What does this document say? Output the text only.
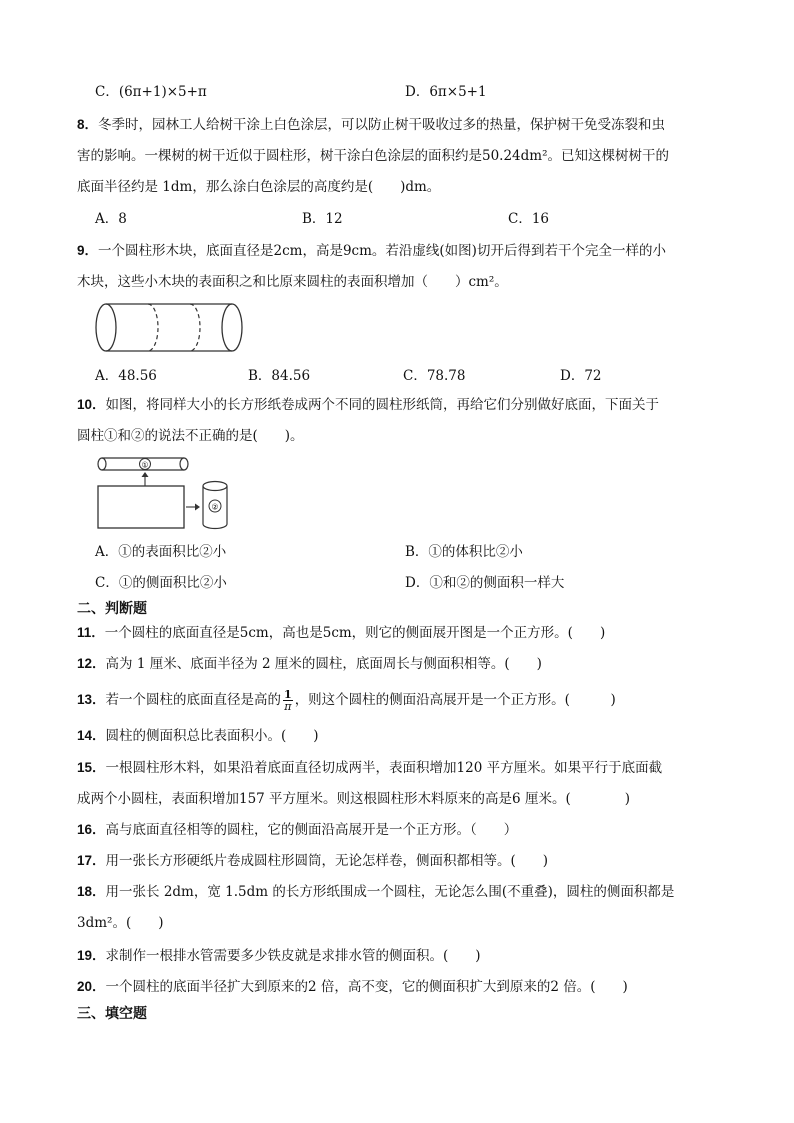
C．(6π+1)×5+π	D．6π×5+1
8．冬季时，园林工人给树干涂上白色涂层，可以防止树干吸收过多的热量，保护树干免受冻裂和虫
害的影响。一棵树的树干近似于圆柱形，树干涂白色涂层的面积约是50.24dm²。已知这棵树树干的
底面半径约是 1dm，那么涂白色涂层的高度约是(　　)dm。
A．8	B．12	C．16
9．一个圆柱形木块，底面直径是2cm，高是9cm。若沿虚线(如图)切开后得到若干个完全一样的小
木块，这些小木块的表面积之和比原来圆柱的表面积增加（　　）cm²。
A．48.56	B．84.56	C．78.78	D．72
10．如图，将同样大小的长方形纸卷成两个不同的圆柱形纸筒，再给它们分别做好底面，下面关于
圆柱①和②的说法不正确的是(　　)。
①
②
A．①的表面积比②小	B．①的体积比②小
C．①的侧面积比②小	D．①和②的侧面积一样大
二、判断题
11．一个圆柱的底面直径是5cm，高也是5cm，则它的侧面展开图是一个正方形。(　　)
12．高为 1 厘米、底面半径为 2 厘米的圆柱，底面周长与侧面积相等。(　　)
13．若一个圆柱的底面直径是高的 $\frac{1}{\pi}$ ，则这个圆柱的侧面沿高展开是一个正方形。(　　　)
14．圆柱的侧面积总比表面积小。(　　)
15．一根圆柱形木料，如果沿着底面直径切成两半，表面积增加120 平方厘米。如果平行于底面截
成两个小圆柱，表面积增加157 平方厘米。则这根圆柱形木料原来的高是6 厘米。(　　　　)
16．高与底面直径相等的圆柱，它的侧面沿高展开是一个正方形。（　　）
17．用一张长方形硬纸片卷成圆柱形圆筒，无论怎样卷，侧面积都相等。(　　)
18．用一张长 2dm，宽 1.5dm 的长方形纸围成一个圆柱，无论怎么围(不重叠)，圆柱的侧面积都是
3dm²。(　　)
19．求制作一根排水管需要多少铁皮就是求排水管的侧面积。(　　)
20．一个圆柱的底面半径扩大到原来的2 倍，高不变，它的侧面积扩大到原来的2 倍。(　　)
三、填空题
